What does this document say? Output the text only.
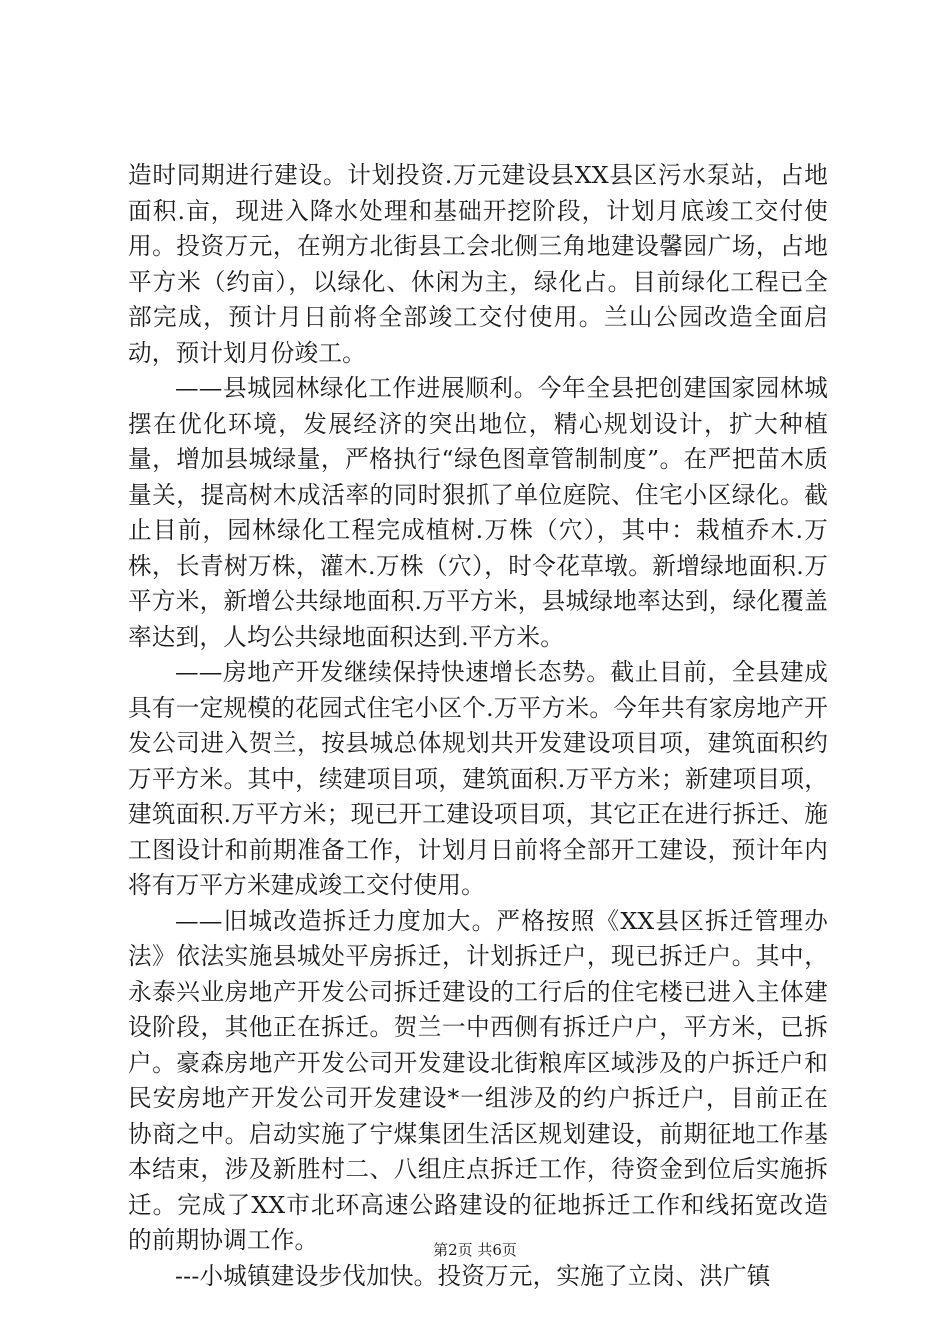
造时同期进行建设。计划投资.万元建设县XX县区污水泵站，占地面积.亩，现进入降水处理和基础开挖阶段，计划月底竣工交付使用。投资万元，在朔方北街县工会北侧三角地建设馨园广场，占地平方米（约亩），以绿化、休闲为主，绿化占。目前绿化工程已全部完成，预计月日前将全部竣工交付使用。兰山公园改造全面启动，预计划月份竣工。

——县城园林绿化工作进展顺利。今年全县把创建国家园林城摆在优化环境，发展经济的突出地位，精心规划设计，扩大种植量，增加县城绿量，严格执行“绿色图章管制制度”。在严把苗木质量关，提高树木成活率的同时狠抓了单位庭院、住宅小区绿化。截止目前，园林绿化工程完成植树.万株（穴），其中：栽植乔木.万株，长青树万株，灌木.万株（穴），时令花草墩。新增绿地面积.万平方米，新增公共绿地面积.万平方米，县城绿地率达到，绿化覆盖率达到，人均公共绿地面积达到.平方米。

——房地产开发继续保持快速增长态势。截止目前，全县建成具有一定规模的花园式住宅小区个.万平方米。今年共有家房地产开发公司进入贺兰，按县城总体规划共开发建设项目项，建筑面积约万平方米。其中，续建项目项，建筑面积.万平方米；新建项目项，建筑面积.万平方米；现已开工建设项目项，其它正在进行拆迁、施工图设计和前期准备工作，计划月日前将全部开工建设，预计年内将有万平方米建成竣工交付使用。

——旧城改造拆迁力度加大。严格按照《XX县区拆迁管理办法》依法实施县城处平房拆迁，计划拆迁户，现已拆迁户。其中，永泰兴业房地产开发公司拆迁建设的工行后的住宅楼已进入主体建设阶段，其他正在拆迁。贺兰一中西侧有拆迁户户，平方米，已拆户。豪森房地产开发公司开发建设北街粮库区域涉及的户拆迁户和民安房地产开发公司开发建设*一组涉及的约户拆迁户，目前正在协商之中。启动实施了宁煤集团生活区规划建设，前期征地工作基本结束，涉及新胜村二、八组庄点拆迁工作，待资金到位后实施拆迁。完成了XX市北环高速公路建设的征地拆迁工作和线拓宽改造的前期协调工作。

---小城镇建设步伐加快。投资万元，实施了立岗、洪广镇

第2页 共6页
